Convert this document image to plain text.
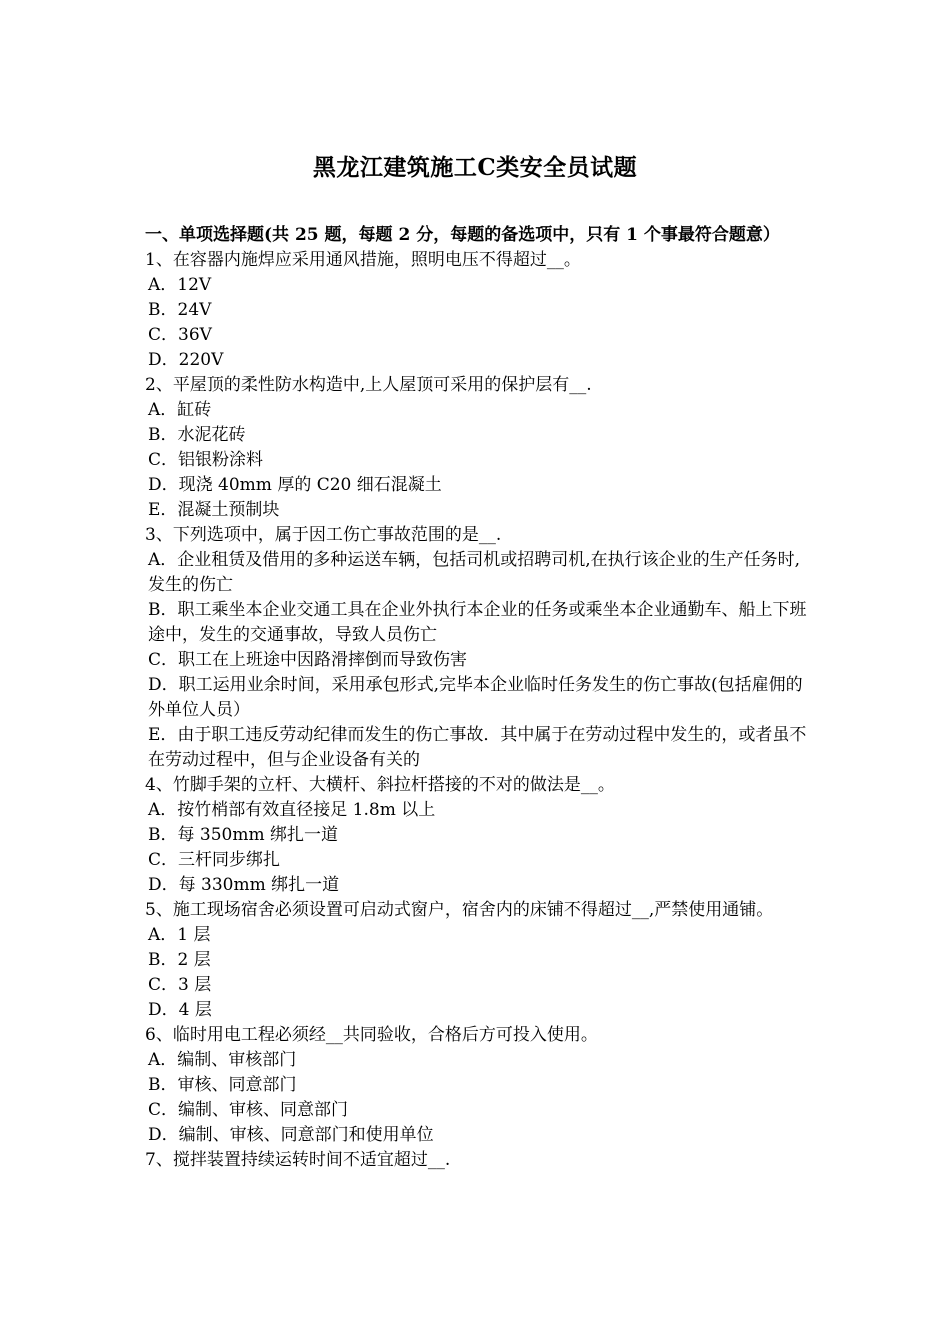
黑龙江建筑施工C类安全员试题
一、单项选择题(共 25 题，每题 2 分，每题的备选项中，只有 1 个事最符合题意）
1、在容器内施焊应采用通风措施，照明电压不得超过__。
A．12V
B．24V
C．36V
D．220V
2、平屋顶的柔性防水构造中,上人屋顶可采用的保护层有__.
A．缸砖
B．水泥花砖
C．铝银粉涂料
D．现浇 40mm 厚的 C20 细石混凝土
E．混凝土预制块
3、下列选项中，属于因工伤亡事故范围的是__.
A．企业租赁及借用的多种运送车辆，包括司机或招聘司机,在执行该企业的生产任务时,发生的伤亡
B．职工乘坐本企业交通工具在企业外执行本企业的任务或乘坐本企业通勤车、船上下班途中，发生的交通事故，导致人员伤亡
C．职工在上班途中因路滑摔倒而导致伤害
D．职工运用业余时间，采用承包形式,完毕本企业临时任务发生的伤亡事故(包括雇佣的外单位人员）
E．由于职工违反劳动纪律而发生的伤亡事故．其中属于在劳动过程中发生的，或者虽不在劳动过程中，但与企业设备有关的
4、竹脚手架的立杆、大横杆、斜拉杆搭接的不对的做法是__。
A．按竹梢部有效直径接足 1.8m 以上
B．每 350mm 绑扎一道
C．三杆同步绑扎
D．每 330mm 绑扎一道
5、施工现场宿舍必须设置可启动式窗户，宿舍内的床铺不得超过__,严禁使用通铺。
A．1 层
B．2 层
C．3 层
D．4 层
6、临时用电工程必须经__共同验收，合格后方可投入使用。
A．编制、审核部门
B．审核、同意部门
C．编制、审核、同意部门
D．编制、审核、同意部门和使用单位
7、搅拌装置持续运转时间不适宜超过__.
